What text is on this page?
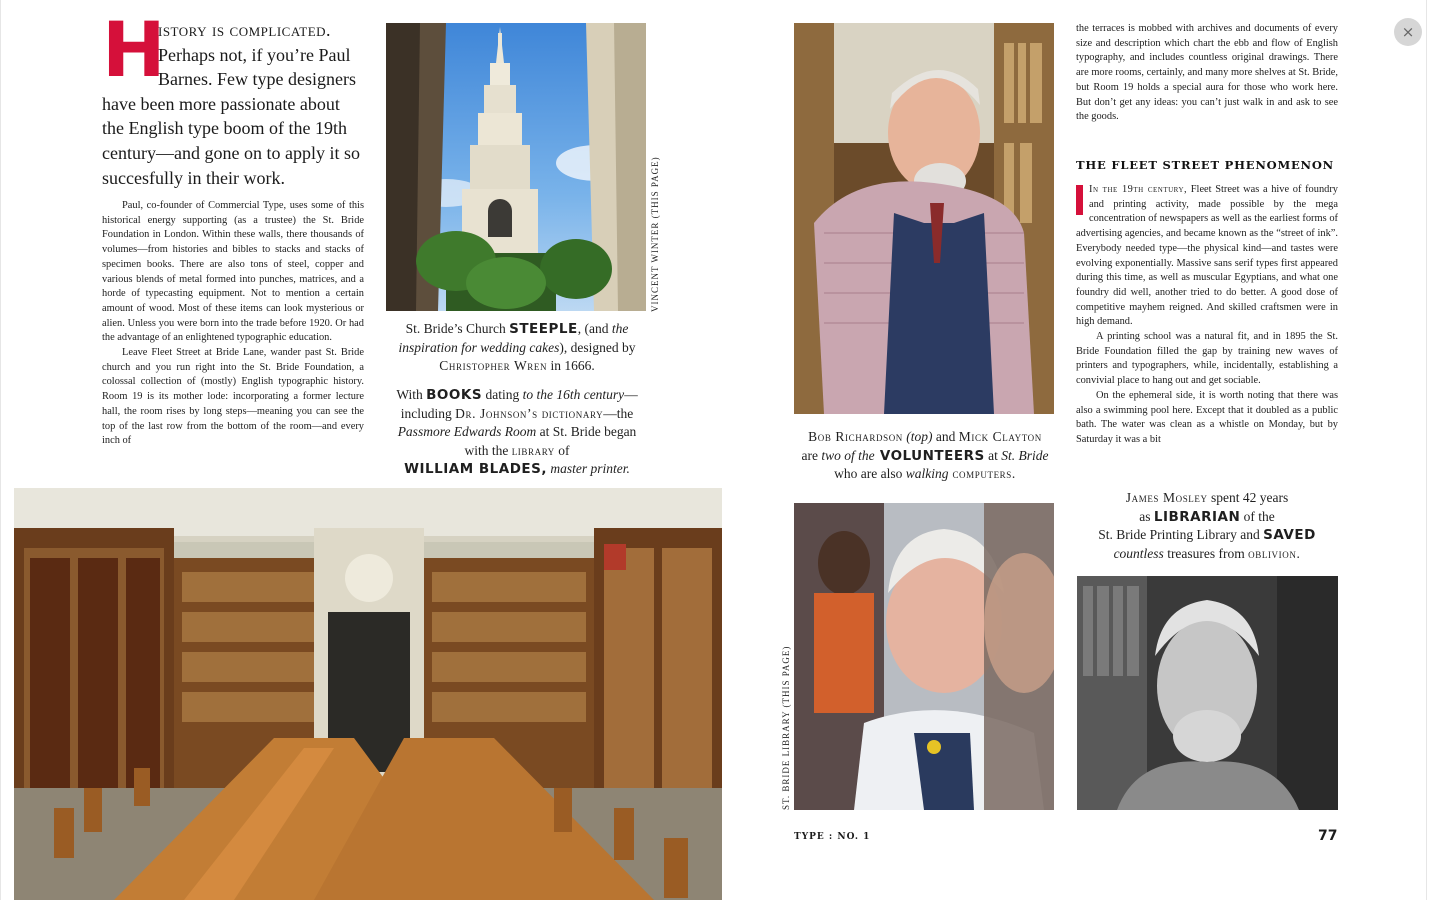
H
istory is complicated. Perhaps not, if you’re Paul Barnes. Few type designers have been more passionate about the English type boom of the 19th century—and gone on to apply it so succesfully in their work.

Paul, co-founder of Commercial Type, uses some of this historical energy supporting (as a trustee) the St. Bride Foundation in London. Within these walls, there thousands of volumes—from histories and bibles to stacks and stacks of specimen books. There are also tons of steel, copper and various blends of metal formed into punches, matrices, and a horde of typecasting equipment. Not to mention a certain amount of wood. Most of these items can look mysterious or alien. Unless you were born into the trade before 1920. Or had the advantage of an enlightened typographic education.

Leave Fleet Street at Bride Lane, wander past St. Bride church and you run right into the St. Bride Foundation, a colossal collection of (mostly) English typographic history. Room 19 is its mother lode: incorporating a former lecture hall, the room rises by long steps—meaning you can see the top of the last row from the bottom of the room—and every inch of

VINCENT WINTER (THIS PAGE)
St. Bride’s Church STEEPLE, (and the inspiration for wedding cakes), designed by Christopher Wren in 1666.
With BOOKS dating to the 16th century—including Dr. Johnson’s dictionary—the Passmore Edwards Room at St. Bride began with the library of
WILLIAM BLADES, master printer.
Bob Richardson (top) and Mick Clayton
are two of the VOLUNTEERS at St. Bride
who are also walking computers.
ST. BRIDE LIBRARY (THIS PAGE)

the terraces is mobbed with archives and documents of every size and description which chart the ebb and flow of English typography, and includes countless original drawings. There are more rooms, certainly, and many more shelves at St. Bride, but Room 19 holds a special aura for those who work here. But don’t get any ideas: you can’t just walk in and ask to see the goods.

THE FLEET STREET PHENOMENON

In the 19th century, Fleet Street was a hive of foundry and printing activity, made possible by the mega concentration of newspapers as well as the earliest forms of advertising agencies, and became known as the “street of ink”. Everybody needed type—the physical kind—and tastes were evolving exponentially. Massive sans serif types first appeared during this time, as well as muscular Egyptians, and what one foundry did well, another tried to do better. A good dose of competitive mayhem reigned. And skilled craftsmen were in high demand.

A printing school was a natural fit, and in 1895 the St. Bride Foundation filled the gap by training new waves of printers and typographers, while, incidentally, establishing a convivial place to hang out and get sociable.

On the ephemeral side, it is worth noting that there was also a swimming pool here. Except that it doubled as a public bath. The water was clean as a whistle on Monday, but by Saturday it was a bit

James Mosley spent 42 years
as LIBRARIAN of the
St. Bride Printing Library and SAVED
countless treasures from oblivion.
TYPE : NO. 1	77
×
